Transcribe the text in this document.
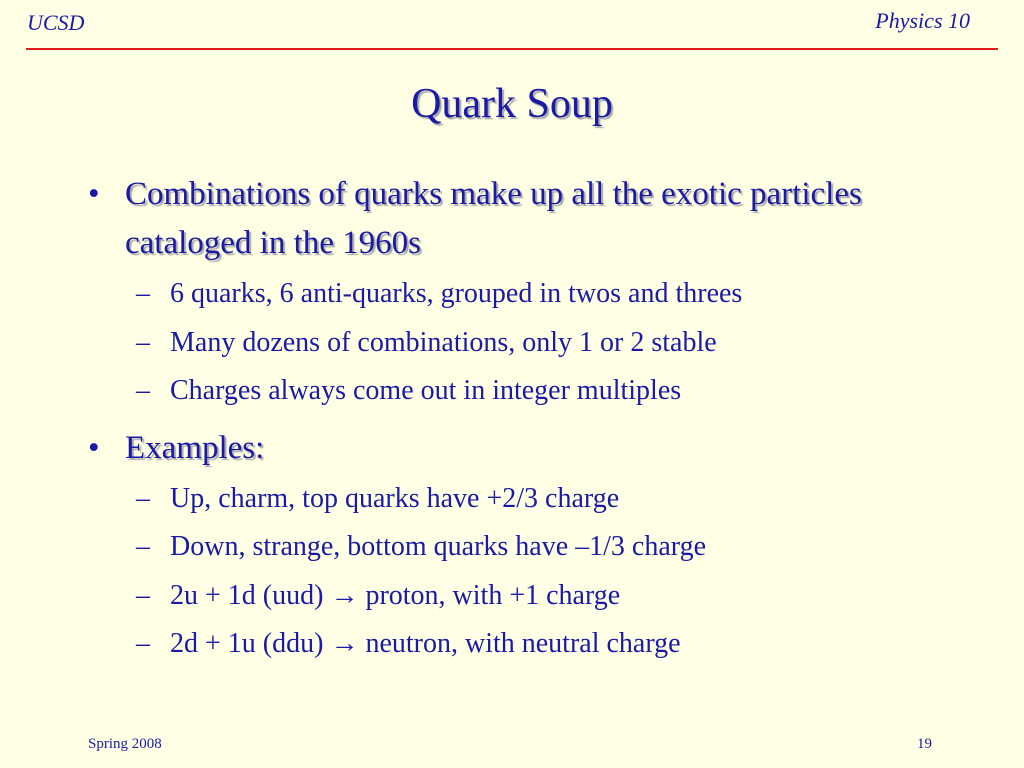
UCSD	Physics 10
Quark Soup
• Combinations of quarks make up all the exotic particles cataloged in the 1960s
– 6 quarks, 6 anti-quarks, grouped in twos and threes
– Many dozens of combinations, only 1 or 2 stable
– Charges always come out in integer multiples
• Examples:
– Up, charm, top quarks have +2/3 charge
– Down, strange, bottom quarks have –1/3 charge
– 2u + 1d (uud) → proton, with +1 charge
– 2d + 1u (ddu) → neutron, with neutral charge
Spring 2008	19
